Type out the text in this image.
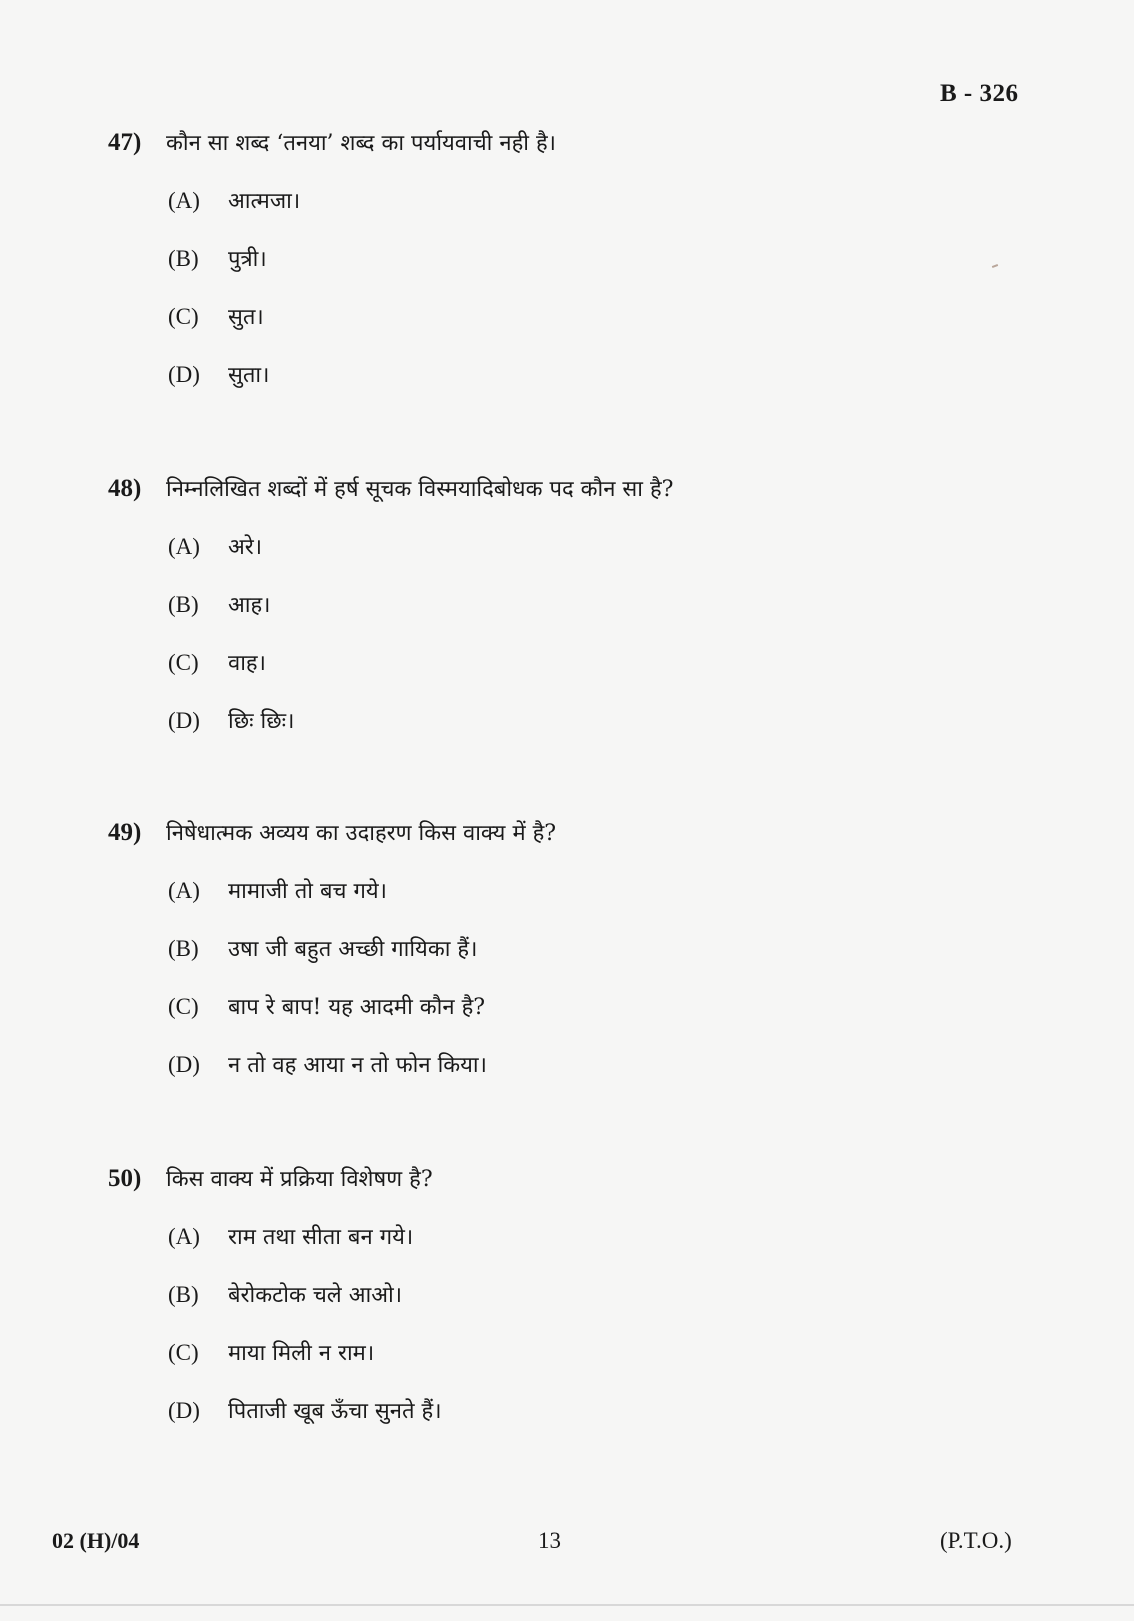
B - 326
47)	कौन सा शब्द ‘तनया’ शब्द का पर्यायवाची नही है।
(A)	आत्मजा।
(B)	पुत्री।
(C)	सुत।
(D)	सुता।
48)	निम्नलिखित शब्दों में हर्ष सूचक विस्मयादिबोधक पद कौन सा है?
(A)	अरे।
(B)	आह।
(C)	वाह।
(D)	छिः छिः।
49)	निषेधात्मक अव्यय का उदाहरण किस वाक्य में है?
(A)	मामाजी तो बच गये।
(B)	उषा जी बहुत अच्छी गायिका हैं।
(C)	बाप रे बाप! यह आदमी कौन है?
(D)	न तो वह आया न तो फोन किया।
50)	किस वाक्य में प्रक्रिया विशेषण है?
(A)	राम तथा सीता बन गये।
(B)	बेरोकटोक चले आओ।
(C)	माया मिली न राम।
(D)	पिताजी खूब ऊँचा सुनते हैं।
02 (H)/04	13	(P.T.O.)
